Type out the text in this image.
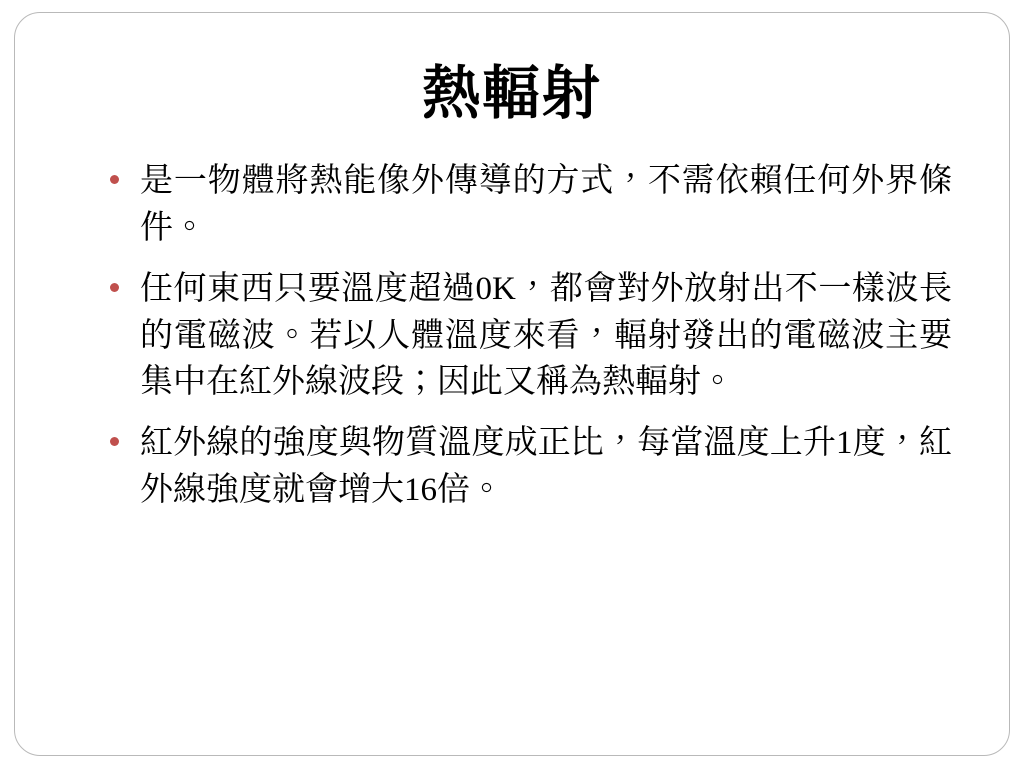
熱輻射
是一物體將熱能像外傳導的方式，不需依賴任何外界條件。
任何東西只要溫度超過0K，都會對外放射出不一樣波長的電磁波。若以人體溫度來看，輻射發出的電磁波主要集中在紅外線波段；因此又稱為熱輻射。
紅外線的強度與物質溫度成正比，每當溫度上升1度，紅外線強度就會增大16倍。
